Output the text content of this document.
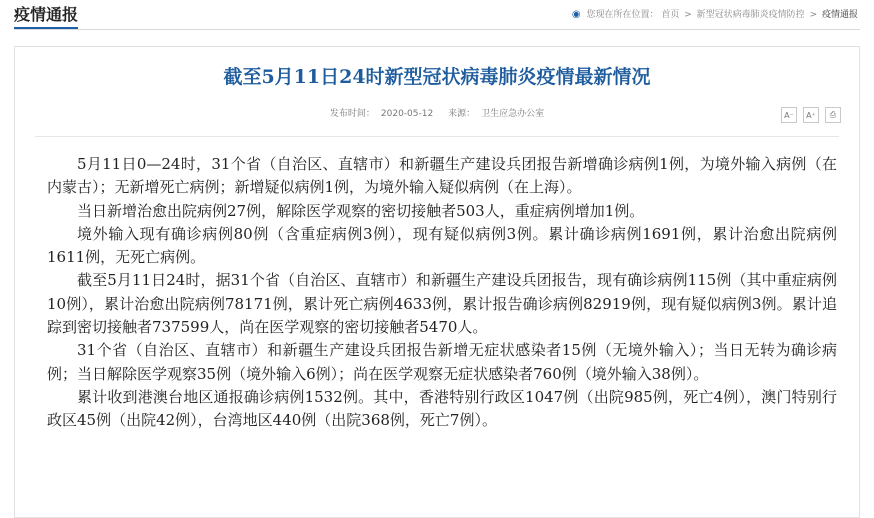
疫情通报	◉ 您现在所在位置： 首页 > 新型冠状病毒肺炎疫情防控 > 疫情通报
截至5月11日24时新型冠状病毒肺炎疫情最新情况
发布时间： 2020-05-12 来源： 卫生应急办公室	A⁻	A⁺	⎙

5月11日0—24时，31个省（自治区、直辖市）和新疆生产建设兵团报告新增确诊病例1例，为境外输入病例（在内蒙古）；无新增死亡病例；新增疑似病例1例，为境外输入疑似病例（在上海）。

当日新增治愈出院病例27例，解除医学观察的密切接触者503人，重症病例增加1例。

境外输入现有确诊病例80例（含重症病例3例），现有疑似病例3例。累计确诊病例1691例，累计治愈出院病例1611例，无死亡病例。

截至5月11日24时，据31个省（自治区、直辖市）和新疆生产建设兵团报告，现有确诊病例115例（其中重症病例10例），累计治愈出院病例78171例，累计死亡病例4633例，累计报告确诊病例82919例，现有疑似病例3例。累计追踪到密切接触者737599人，尚在医学观察的密切接触者5470人。

31个省（自治区、直辖市）和新疆生产建设兵团报告新增无症状感染者15例（无境外输入）；当日无转为确诊病例；当日解除医学观察35例（境外输入6例）；尚在医学观察无症状感染者760例（境外输入38例）。

累计收到港澳台地区通报确诊病例1532例。其中，香港特别行政区1047例（出院985例，死亡4例），澳门特别行政区45例（出院42例），台湾地区440例（出院368例，死亡7例）。
